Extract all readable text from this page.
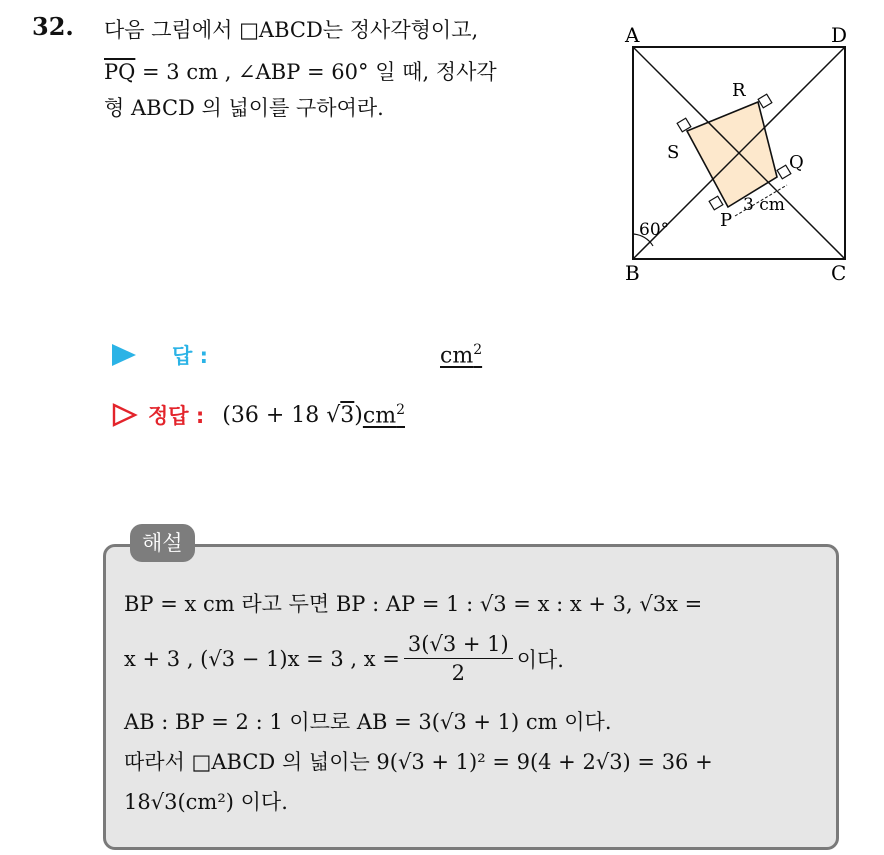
32. 다음 그림에서 □ABCD는 정사각형이고,
$\overline{PQ} = 3$ cm , ∠ABP = 60° 일 때, 정사각
형 ABCD 의 넓이를 구하여라.
A	D
B	C
P
Q
R
S
60°
3 cm
답 :	$cm^2$
정답 : (36 + 18 √3) $cm^2$
해설
BP = x cm 라고 두면 BP : AP = 1 : √3 = x : x + 3, √3x =
x + 3 , (√3 − 1)x = 3 , $x = \frac{3(√3 + 1)}{2}$ 이다.
AB : BP = 2 : 1 이므로 AB = 3(√3 + 1) cm 이다.
따라서 □ABCD 의 넓이는 9(√3 + 1)² = 9(4 + 2√3) = 36 +
18√3(cm²) 이다.
